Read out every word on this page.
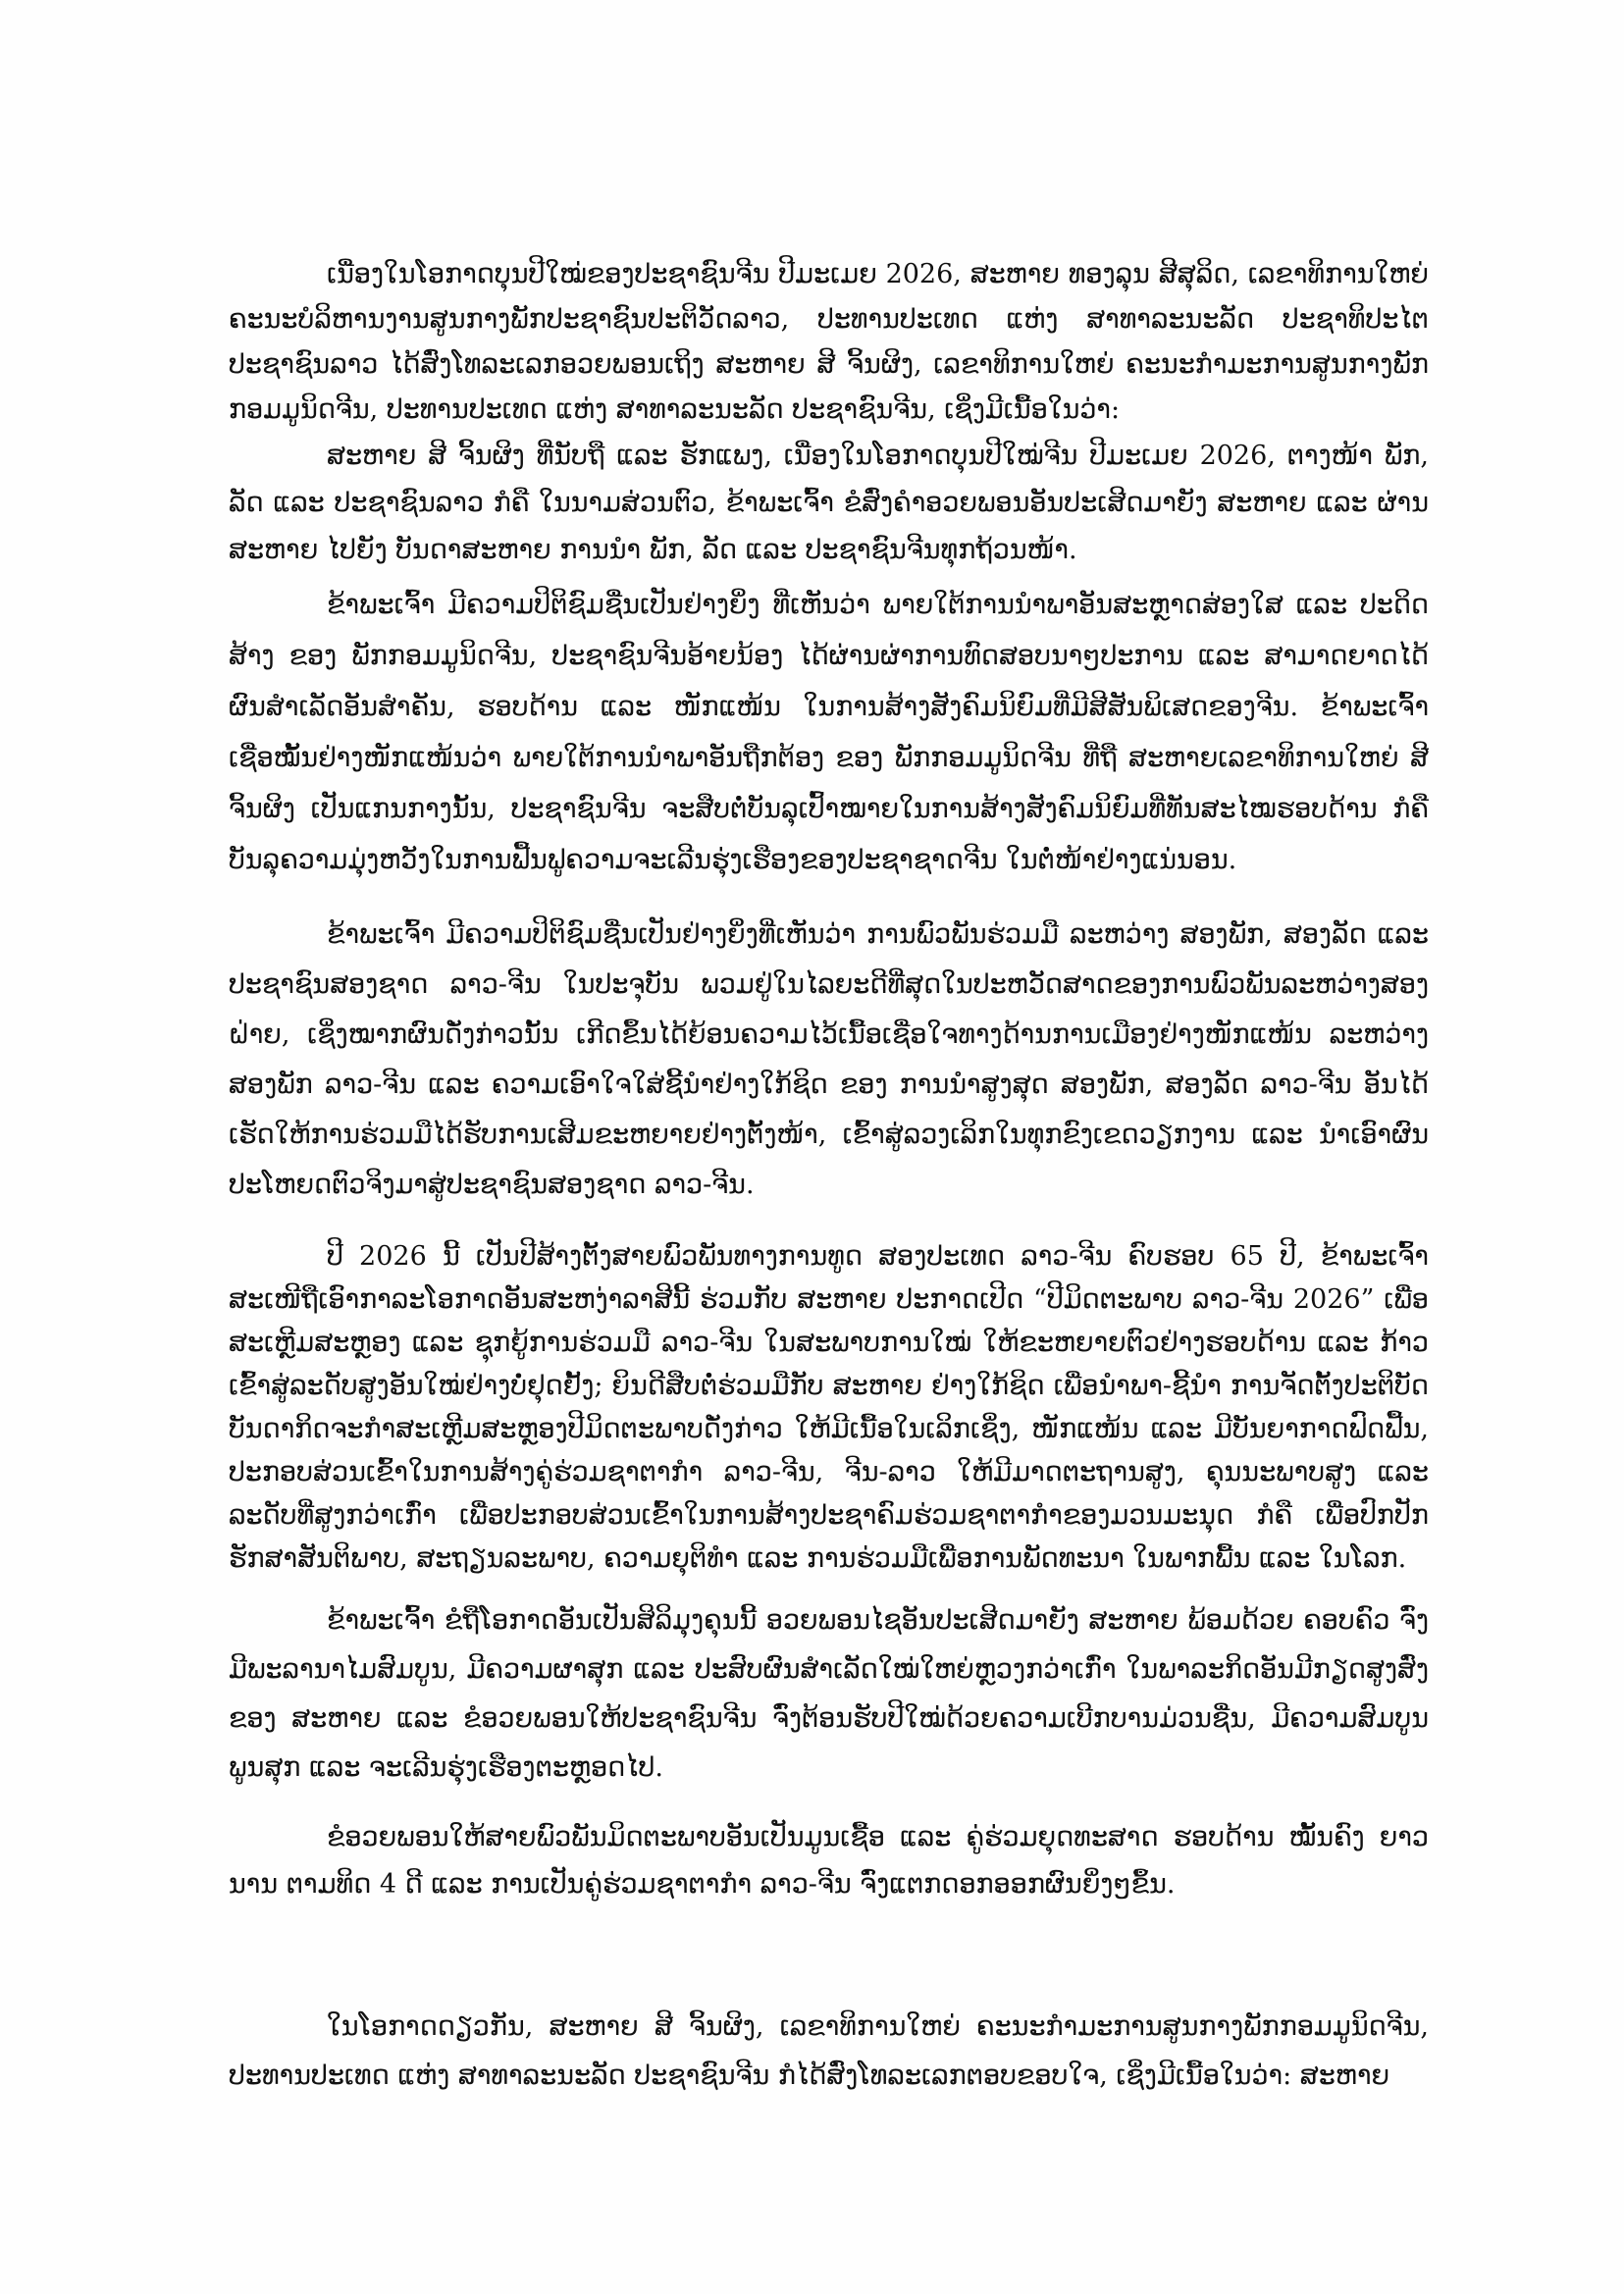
ເນື່ອງໃນໂອກາດບຸນປີໃໝ່ຂອງປະຊາຊົນຈີນ ປີມະເມຍ 2026, ສະຫາຍ ທອງລຸນ ສີສຸລິດ, ເລຂາທິການໃຫຍ່ ຄະນະບໍລິຫານງານສູນກາງພັກປະຊາຊົນປະຕິວັດລາວ, ປະທານປະເທດ ແຫ່ງ ສາທາລະນະລັດ ປະຊາທິປະໄຕ ປະຊາຊົນລາວ ໄດ້ສົ່ງໂທລະເລກອວຍພອນເຖິງ ສະຫາຍ ສີ ຈິ້ນຜິງ, ເລຂາທິການໃຫຍ່ ຄະນະກຳມະການສູນກາງພັກກອມມູນິດຈີນ, ປະທານປະເທດ ແຫ່ງ ສາທາລະນະລັດ ປະຊາຊົນຈີນ, ເຊິ່ງມີເນື້ອໃນວ່າ:

ສະຫາຍ ສີ ຈິ້ນຜິງ ທີ່ນັບຖື ແລະ ຮັກແພງ, ເນື່ອງໃນໂອກາດບຸນປີໃໝ່ຈີນ ປີມະເມຍ 2026, ຕາງໜ້າ ພັກ, ລັດ ແລະ ປະຊາຊົນລາວ ກໍຄື ໃນນາມສ່ວນຕົວ, ຂ້າພະເຈົ້າ ຂໍສົ່ງຄຳອວຍພອນອັນປະເສີດມາຍັງ ສະຫາຍ ແລະ ຜ່ານສະຫາຍ ໄປຍັງ ບັນດາສະຫາຍ ການນຳ ພັກ, ລັດ ແລະ ປະຊາຊົນຈີນທຸກຖ້ວນໜ້າ.

ຂ້າພະເຈົ້າ ມີຄວາມປິຕິຊົມຊື່ນເປັນຢ່າງຍິ່ງ ທີ່ເຫັນວ່າ ພາຍໃຕ້ການນຳພາອັນສະຫຼາດສ່ອງໃສ ແລະ ປະດິດສ້າງ ຂອງ ພັກກອມມູນິດຈີນ, ປະຊາຊົນຈີນອ້າຍນ້ອງ ໄດ້ຜ່ານຜ່າການທົດສອບນາໆປະການ ແລະ ສາມາດຍາດໄດ້ຜົນສຳເລັດອັນສຳຄັນ, ຮອບດ້ານ ແລະ ໜັກແໜ້ນ ໃນການສ້າງສັງຄົມນິຍົມທີ່ມີສີສັນພິເສດຂອງຈີນ. ຂ້າພະເຈົ້າ ເຊື່ອໝັ້ນຢ່າງໜັກແໜ້ນວ່າ ພາຍໃຕ້ການນຳພາອັນຖືກຕ້ອງ ຂອງ ພັກກອມມູນິດຈີນ ທີ່ຖື ສະຫາຍເລຂາທິການໃຫຍ່ ສີ ຈິ້ນຜິງ ເປັນແກນກາງນັ້ນ, ປະຊາຊົນຈີນ ຈະສືບຕໍ່ບັນລຸເປົ້າໝາຍໃນການສ້າງສັງຄົມນິຍົມທີ່ທັນສະໄໝຮອບດ້ານ ກໍຄື ບັນລຸຄວາມມຸ່ງຫວັງໃນການຟື້ນຟູຄວາມຈະເລີນຮຸ່ງເຮືອງຂອງປະຊາຊາດຈີນ ໃນຕໍ່ໜ້າຢ່າງແນ່ນອນ.

ຂ້າພະເຈົ້າ ມີຄວາມປິຕິຊົມຊື່ນເປັນຢ່າງຍິ່ງທີ່ເຫັນວ່າ ການພົວພັນຮ່ວມມື ລະຫວ່າງ ສອງພັກ, ສອງລັດ ແລະ ປະຊາຊົນສອງຊາດ ລາວ-ຈີນ ໃນປະຈຸບັນ ພວມຢູ່ໃນໄລຍະດີທີ່ສຸດໃນປະຫວັດສາດຂອງການພົວພັນລະຫວ່າງສອງຝ່າຍ, ເຊິ່ງໝາກຜົນດັ່ງກ່າວນັ້ນ ເກີດຂຶ້ນໄດ້ຍ້ອນຄວາມໄວ້ເນື້ອເຊື່ອໃຈທາງດ້ານການເມືອງຢ່າງໜັກແໜ້ນ ລະຫວ່າງ ສອງພັກ ລາວ-ຈີນ ແລະ ຄວາມເອົາໃຈໃສ່ຊີ້ນຳຢ່າງໃກ້ຊິດ ຂອງ ການນຳສູງສຸດ ສອງພັກ, ສອງລັດ ລາວ-ຈີນ ອັນໄດ້ເຮັດໃຫ້ການຮ່ວມມືໄດ້ຮັບການເສີມຂະຫຍາຍຢ່າງຕັ້ງໜ້າ, ເຂົ້າສູ່ລວງເລິກໃນທຸກຂົງເຂດວຽກງານ ແລະ ນຳເອົາຜົນປະໂຫຍດຕົວຈິງມາສູ່ປະຊາຊົນສອງຊາດ ລາວ-ຈີນ.

ປີ 2026 ນີ້ ເປັນປີສ້າງຕັ້ງສາຍພົວພັນທາງການທູດ ສອງປະເທດ ລາວ-ຈີນ ຄົບຮອບ 65 ປີ, ຂ້າພະເຈົ້າ ສະເໜີຖືເອົາກາລະໂອກາດອັນສະຫງ່າລາສີນີ້ ຮ່ວມກັບ ສະຫາຍ ປະກາດເປີດ “ປີມິດຕະພາບ ລາວ-ຈີນ 2026” ເພື່ອສະເຫຼີມສະຫຼອງ ແລະ ຊຸກຍູ້ການຮ່ວມມື ລາວ-ຈີນ ໃນສະພາບການໃໝ່ ໃຫ້ຂະຫຍາຍຕົວຢ່າງຮອບດ້ານ ແລະ ກ້າວເຂົ້າສູ່ລະດັບສູງອັນໃໝ່ຢ່າງບໍ່ຢຸດຢັ້ງ; ຍິນດີສືບຕໍ່ຮ່ວມມືກັບ ສະຫາຍ ຢ່າງໃກ້ຊິດ ເພື່ອນຳພາ-ຊີ້ນຳ ການຈັດຕັ້ງປະຕິບັດບັນດາກິດຈະກຳສະເຫຼີມສະຫຼອງປີມິດຕະພາບດັ່ງກ່າວ ໃຫ້ມີເນື້ອໃນເລິກເຊິ່ງ, ໜັກແໜ້ນ ແລະ ມີບັນຍາກາດຟົດຟື້ນ, ປະກອບສ່ວນເຂົ້າໃນການສ້າງຄູ່ຮ່ວມຊາຕາກຳ ລາວ-ຈີນ, ຈີນ-ລາວ ໃຫ້ມີມາດຕະຖານສູງ, ຄຸນນະພາບສູງ ແລະ ລະດັບທີ່ສູງກວ່າເກົ່າ ເພື່ອປະກອບສ່ວນເຂົ້າໃນການສ້າງປະຊາຄົມຮ່ວມຊາຕາກຳຂອງມວນມະນຸດ ກໍຄື ເພື່ອປົກປັກຮັກສາສັນຕິພາບ, ສະຖຽນລະພາບ, ຄວາມຍຸຕິທຳ ແລະ ການຮ່ວມມືເພື່ອການພັດທະນາ ໃນພາກພື້ນ ແລະ ໃນໂລກ.

ຂ້າພະເຈົ້າ ຂໍຖືໂອກາດອັນເປັນສິລິມຸງຄຸນນີ້ ອວຍພອນໄຊອັນປະເສີດມາຍັງ ສະຫາຍ ພ້ອມດ້ວຍ ຄອບຄົວ ຈົ່ງມີພະລານາໄມສົມບູນ, ມີຄວາມຜາສຸກ ແລະ ປະສົບຜົນສຳເລັດໃໝ່ໃຫຍ່ຫຼວງກວ່າເກົ່າ ໃນພາລະກິດອັນມີກຽດສູງສົ່ງ ຂອງ ສະຫາຍ ແລະ ຂໍອວຍພອນໃຫ້ປະຊາຊົນຈີນ ຈົ່ງຕ້ອນຮັບປີໃໝ່ດ້ວຍຄວາມເບີກບານມ່ວນຊື່ນ, ມີຄວາມສົມບູນພູນສຸກ ແລະ ຈະເລີນຮຸ່ງເຮືອງຕະຫຼອດໄປ.

ຂໍອວຍພອນໃຫ້ສາຍພົວພັນມິດຕະພາບອັນເປັນມູນເຊື້ອ ແລະ ຄູ່ຮ່ວມຍຸດທະສາດ ຮອບດ້ານ ໝັ້ນຄົງ ຍາວນານ ຕາມທິດ 4 ດີ ແລະ ການເປັນຄູ່ຮ່ວມຊາຕາກຳ ລາວ-ຈີນ ຈົ່ງແຕກດອກອອກຜົນຍິ່ງໆຂຶ້ນ.

ໃນໂອກາດດຽວກັນ, ສະຫາຍ ສີ ຈິ້ນຜິງ, ເລຂາທິການໃຫຍ່ ຄະນະກຳມະການສູນກາງພັກກອມມູນິດຈີນ, ປະທານປະເທດ ແຫ່ງ ສາທາລະນະລັດ ປະຊາຊົນຈີນ ກໍໄດ້ສົ່ງໂທລະເລກຕອບຂອບໃຈ, ເຊິ່ງມີເນື້ອໃນວ່າ: ສະຫາຍ
